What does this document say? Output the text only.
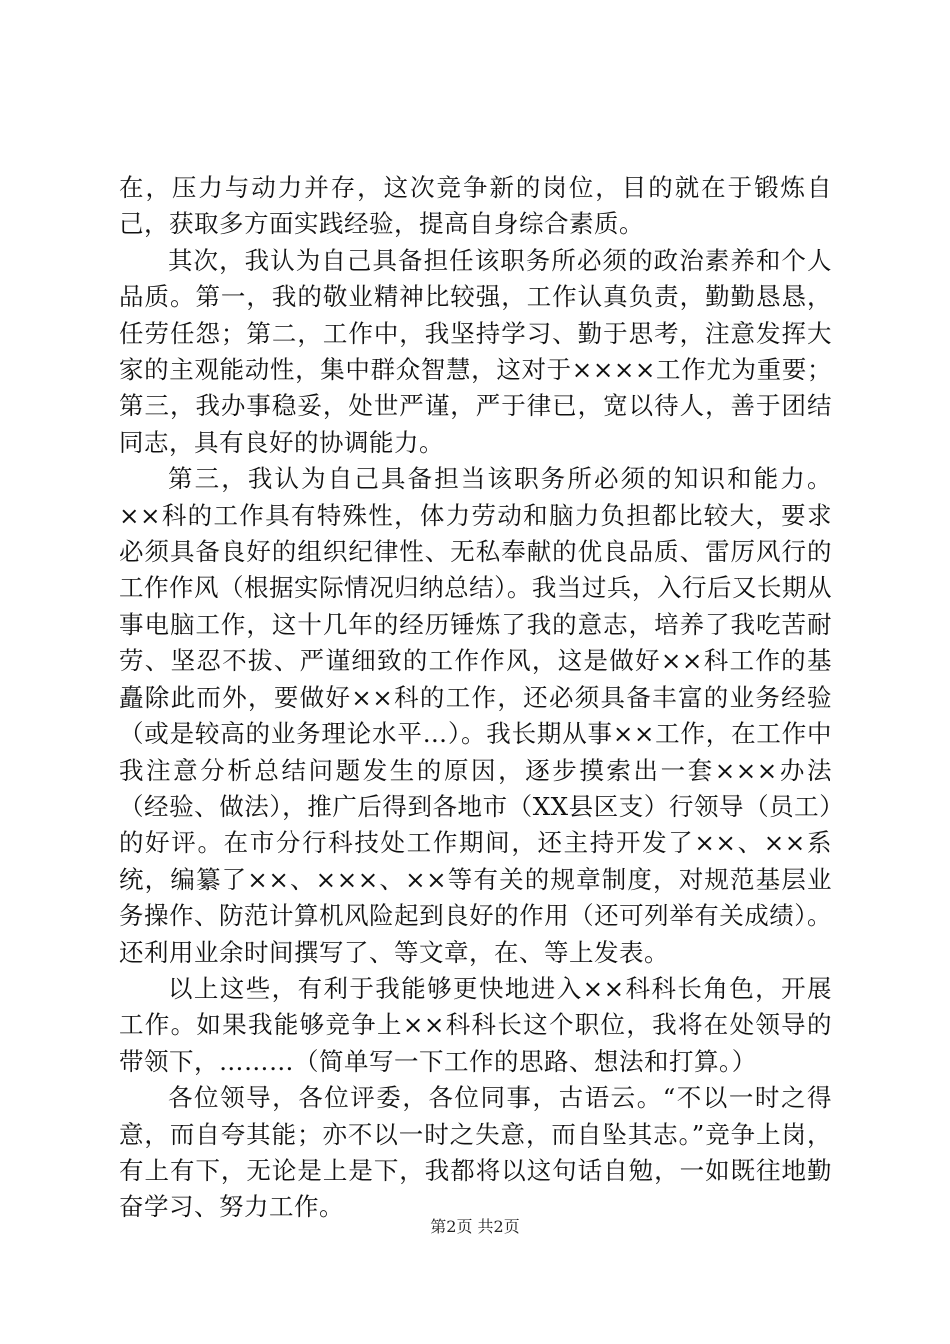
在，压力与动力并存，这次竞争新的岗位，目的就在于锻炼自己，获取多方面实践经验，提高自身综合素质。

其次，我认为自己具备担任该职务所必须的政治素养和个人品质。第一，我的敬业精神比较强，工作认真负责，勤勤恳恳，任劳任怨；第二，工作中，我坚持学习、勤于思考，注意发挥大家的主观能动性，集中群众智慧，这对于××××工作尤为重要；第三，我办事稳妥，处世严谨，严于律已，宽以待人，善于团结同志，具有良好的协调能力。

第三，我认为自己具备担当该职务所必须的知识和能力。××科的工作具有特殊性，体力劳动和脑力负担都比较大，要求必须具备良好的组织纪律性、无私奉献的优良品质、雷厉风行的工作作风（根据实际情况归纳总结）。我当过兵，入行后又长期从事电脑工作，这十几年的经历锤炼了我的意志，培养了我吃苦耐劳、坚忍不拔、严谨细致的工作作风，这是做好××科工作的基矗除此而外，要做好××科的工作，还必须具备丰富的业务经验（或是较高的业务理论水平…）。我长期从事××工作，在工作中我注意分析总结问题发生的原因，逐步摸索出一套×××办法（经验、做法），推广后得到各地市（XX县区支）行领导（员工）的好评。在市分行科技处工作期间，还主持开发了××、××系统，编纂了××、×××、××等有关的规章制度，对规范基层业务操作、防范计算机风险起到良好的作用（还可列举有关成绩）。还利用业余时间撰写了、等文章，在、等上发表。

以上这些，有利于我能够更快地进入××科科长角色，开展工作。如果我能够竞争上××科科长这个职位，我将在处领导的带领下，………（简单写一下工作的思路、想法和打算。）

各位领导，各位评委，各位同事，古语云。“不以一时之得意，而自夸其能；亦不以一时之失意，而自坠其志。”竞争上岗，有上有下，无论是上是下，我都将以这句话自勉，一如既往地勤奋学习、努力工作。

第2页 共2页
